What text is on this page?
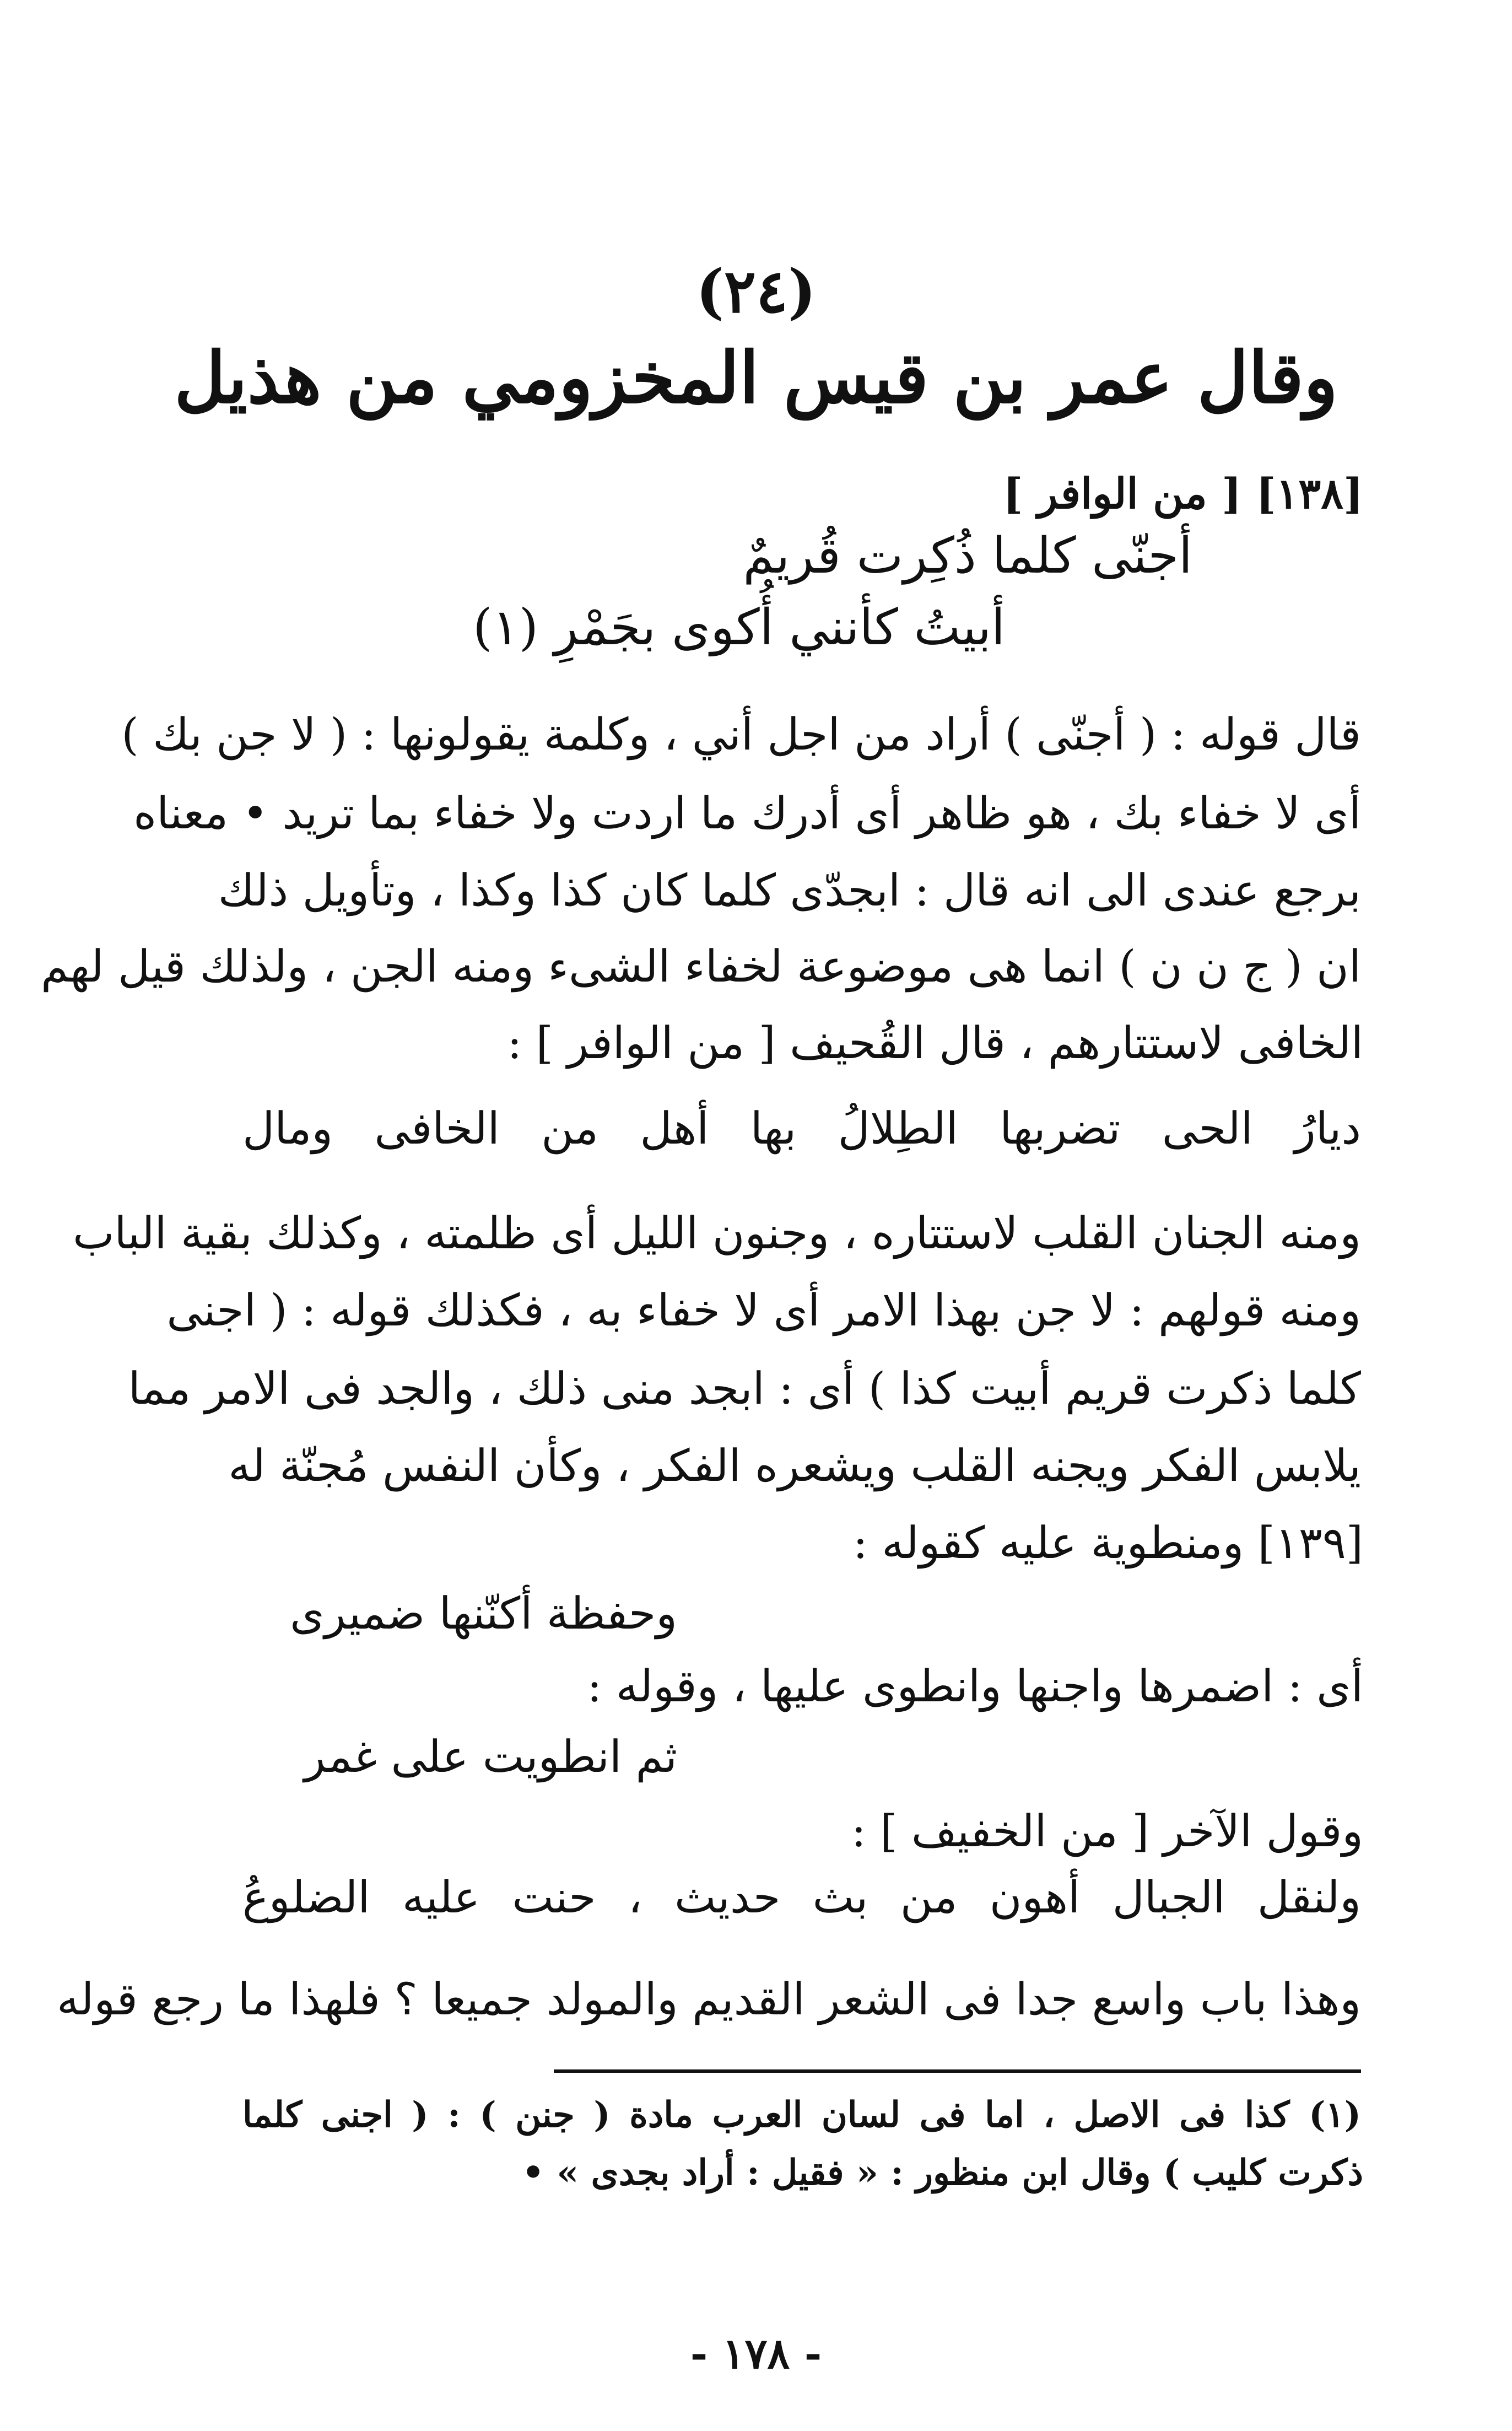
(٢٤)
وقال عمر بن قيس المخزومي من هذيل
[١٣٨] [ من الوافر ]
أجنّى كلما ذُكِرت قُريمٌ
أبيتُ كأنني أُكوى بجَمْرِ (١)
قال قوله : ( أجنّى ) أراد من اجل أني ، وكلمة يقولونها : ( لا جن بك )
أى لا خفاء بك ، هو ظاهر أى أدرك ما اردت ولا خفاء بما تريد • معناه
برجع عندى الى انه قال : ابجدّى كلما كان كذا وكذا ، وتأويل ذلك
ان ( ج ن ن ) انما هى موضوعة لخفاء الشىء ومنه الجن ، ولذلك قيل لهم
الخافى لاستتارهم ، قال القُحيف [ من الوافر ] :
ديارُ الحى تضربها الطِلالُ بها أهل من الخافى ومال
ومنه الجنان القلب لاستتاره ، وجنون الليل أى ظلمته ، وكذلك بقية الباب
ومنه قولهم : لا جن بهذا الامر أى لا خفاء به ، فكذلك قوله : ( اجنى
كلما ذكرت قريم أبيت كذا ) أى : ابجد منى ذلك ، والجد فى الامر مما
يلابس الفكر ويجنه القلب ويشعره الفكر ، وكأن النفس مُجنّة له
[١٣٩] ومنطوية عليه كقوله :
وحفظة أكنّنها ضميرى
أى : اضمرها واجنها وانطوى عليها ، وقوله :
ثم انطويت على غمر
وقول الآخر [ من الخفيف ] :
ولنقل الجبال أهون من بث حديث ، حنت عليه الضلوعُ
وهذا باب واسع جدا فى الشعر القديم والمولد جميعا ؟ فلهذا ما رجع قوله
(١) كذا فى الاصل ، اما فى لسان العرب مادة ( جنن ) : ( اجنى كلما
ذكرت كليب ) وقال ابن منظور : « فقيل : أراد بجدى » •
- ١٧٨ -
